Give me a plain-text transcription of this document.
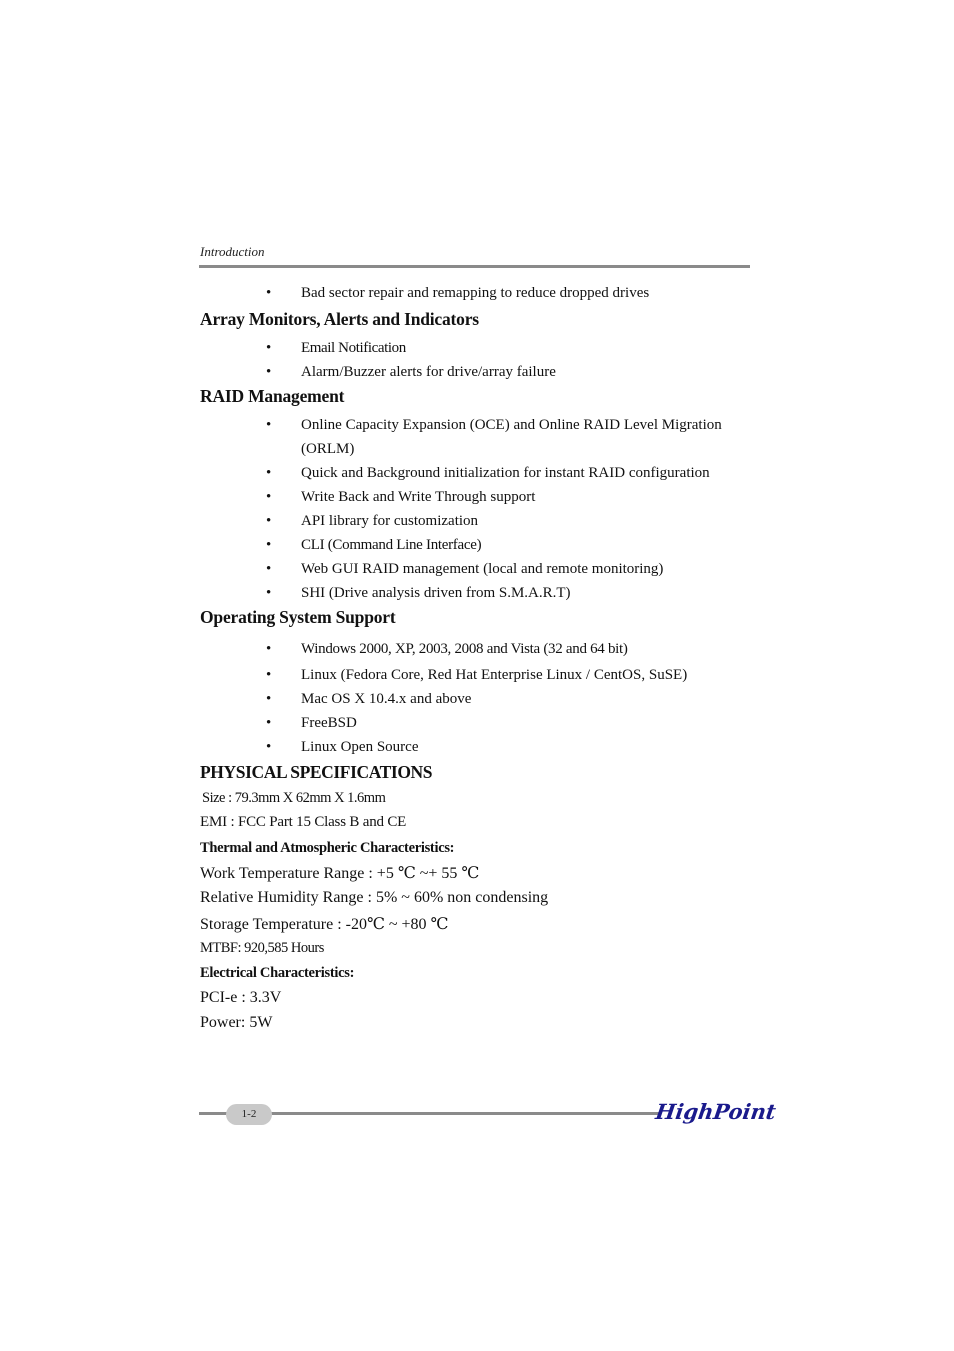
Introduction
• Bad sector repair and remapping to reduce dropped drives
Array Monitors, Alerts and Indicators
• Email Notification
• Alarm/Buzzer alerts for drive/array failure
RAID Management
• Online Capacity Expansion (OCE) and Online RAID Level Migration (ORLM)
• Quick and Background initialization for instant RAID configuration
• Write Back and Write Through support
• API library for customization
• CLI (Command Line Interface)
• Web GUI RAID management (local and remote monitoring)
• SHI (Drive analysis driven from S.M.A.R.T)
Operating System Support
• Windows 2000, XP, 2003, 2008 and Vista (32 and 64 bit)
• Linux (Fedora Core, Red Hat Enterprise Linux / CentOS, SuSE)
• Mac OS X 10.4.x and above
• FreeBSD
• Linux Open Source
PHYSICAL SPECIFICATIONS
Size : 79.3mm X 62mm X 1.6mm
EMI : FCC Part 15 Class B and CE
Thermal and Atmospheric Characteristics:
Work Temperature Range : +5 ℃ ~+ 55 ℃
Relative Humidity Range : 5% ~ 60% non condensing
Storage Temperature : -20℃ ~ +80 ℃
MTBF: 920,585 Hours
Electrical Characteristics:
PCI-e : 3.3V
Power: 5W
1-2	HighPoint
